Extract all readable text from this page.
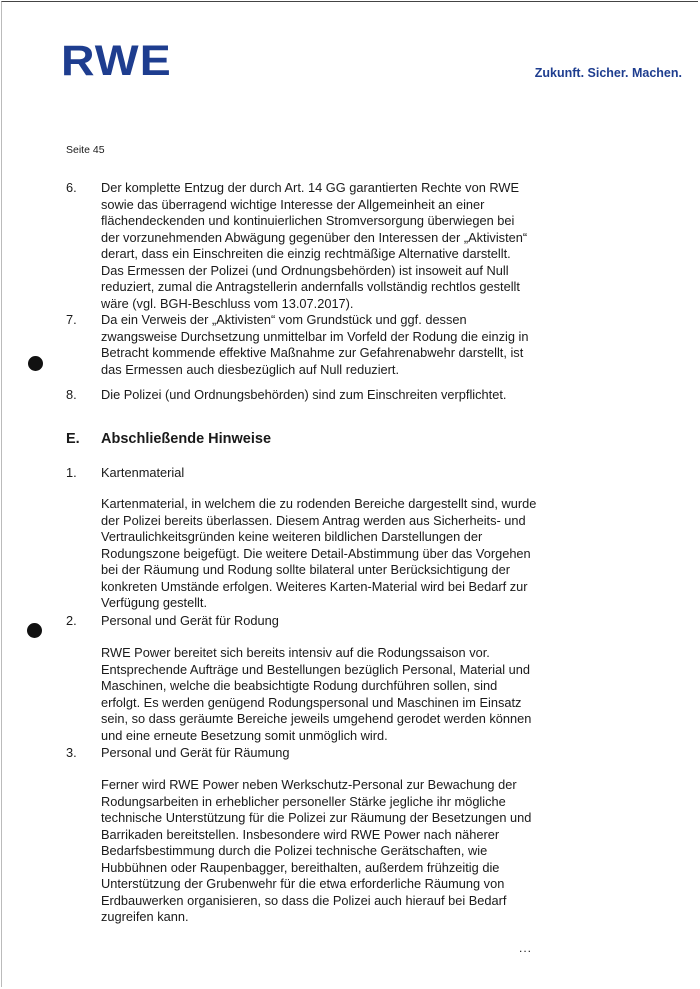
RWE	Zukunft. Sicher. Machen.
Seite 45
6. Der komplette Entzug der durch Art. 14 GG garantierten Rechte von RWE sowie das überragend wichtige Interesse der Allgemeinheit an einer flächendeckenden und kontinuierlichen Stromversorgung überwiegen bei der vorzunehmenden Abwägung gegenüber den Interessen der „Aktivisten“ derart, dass ein Einschreiten die einzig rechtmäßige Alternative darstellt. Das Ermessen der Polizei (und Ordnungsbehörden) ist insoweit auf Null reduziert, zumal die Antragstellerin andernfalls vollständig rechtlos gestellt wäre (vgl. BGH-Beschluss vom 13.07.2017).
7. Da ein Verweis der „Aktivisten“ vom Grundstück und ggf. dessen zwangsweise Durchsetzung unmittelbar im Vorfeld der Rodung die einzig in Betracht kommende effektive Maßnahme zur Gefahrenabwehr darstellt, ist das Ermessen auch diesbezüglich auf Null reduziert.
8. Die Polizei (und Ordnungsbehörden) sind zum Einschreiten verpflichtet.
E. Abschließende Hinweise
1. Kartenmaterial
Kartenmaterial, in welchem die zu rodenden Bereiche dargestellt sind, wurde der Polizei bereits überlassen. Diesem Antrag werden aus Sicherheits- und Vertraulichkeitsgründen keine weiteren bildlichen Darstellungen der Rodungszone beigefügt. Die weitere Detail-Abstimmung über das Vorgehen bei der Räumung und Rodung sollte bilateral unter Berücksichtigung der konkreten Umstände erfolgen. Weiteres Karten-Material wird bei Bedarf zur Verfügung gestellt.
2. Personal und Gerät für Rodung
RWE Power bereitet sich bereits intensiv auf die Rodungssaison vor. Entsprechende Aufträge und Bestellungen bezüglich Personal, Material und Maschinen, welche die beabsichtigte Rodung durchführen sollen, sind erfolgt. Es werden genügend Rodungspersonal und Maschinen im Einsatz sein, so dass geräumte Bereiche jeweils umgehend gerodet werden können und eine erneute Besetzung somit unmöglich wird.
3. Personal und Gerät für Räumung
Ferner wird RWE Power neben Werkschutz-Personal zur Bewachung der Rodungsarbeiten in erheblicher personeller Stärke jegliche ihr mögliche technische Unterstützung für die Polizei zur Räumung der Besetzungen und Barrikaden bereitstellen. Insbesondere wird RWE Power nach näherer Bedarfsbestimmung durch die Polizei technische Gerätschaften, wie Hubbühnen oder Raupenbagger, bereithalten, außerdem frühzeitig die Unterstützung der Grubenwehr für die etwa erforderliche Räumung von Erdbauwerken organisieren, so dass die Polizei auch hierauf bei Bedarf zugreifen kann.
...
